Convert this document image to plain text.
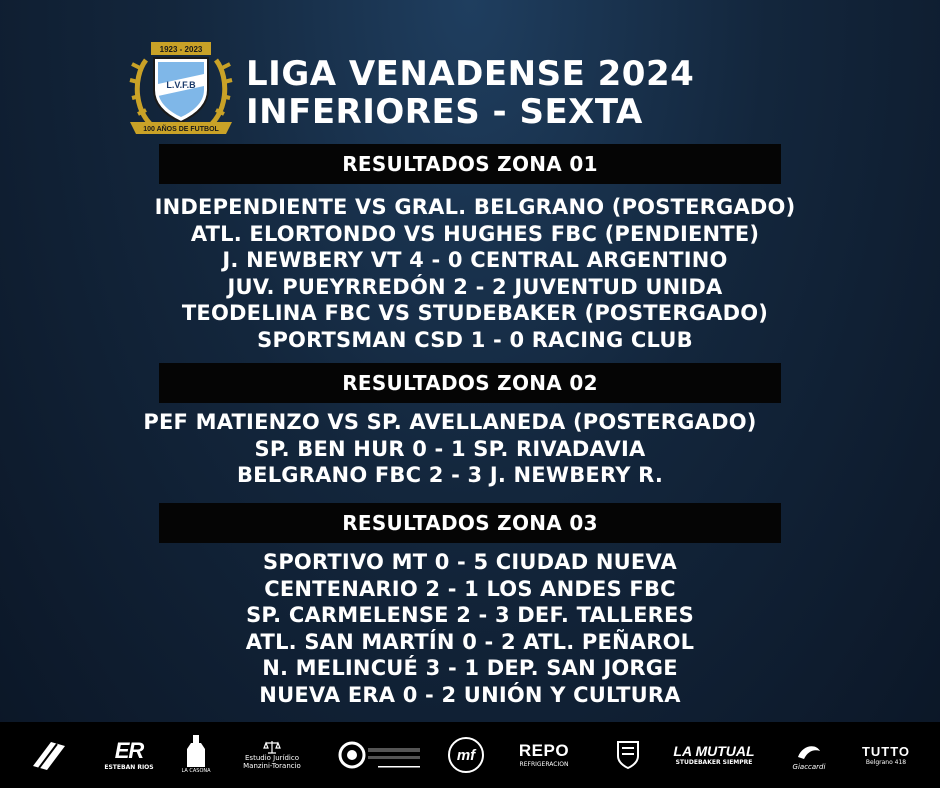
1923 - 2023
L.V.F.B
100 AÑOS DE FUTBOL
LIGA VENADENSE 2024
INFERIORES - SEXTA
RESULTADOS ZONA 01
INDEPENDIENTE VS GRAL. BELGRANO (POSTERGADO)
ATL. ELORTONDO VS HUGHES FBC (PENDIENTE)
J. NEWBERY VT 4 - 0 CENTRAL ARGENTINO
JUV. PUEYRREDÓN 2 - 2 JUVENTUD UNIDA
TEODELINA FBC VS STUDEBAKER (POSTERGADO)
SPORTSMAN CSD 1 - 0 RACING CLUB
RESULTADOS ZONA 02
PEF MATIENZO VS SP. AVELLANEDA (POSTERGADO)
SP. BEN HUR 0 - 1 SP. RIVADAVIA
BELGRANO FBC 2 - 3 J. NEWBERY R.
RESULTADOS ZONA 03
SPORTIVO MT 0 - 5 CIUDAD NUEVA
CENTENARIO 2 - 1 LOS ANDES FBC
SP. CARMELENSE 2 - 3 DEF. TALLERES
ATL. SAN MARTÍN 0 - 2 ATL. PEÑAROL
N. MELINCUÉ 3 - 1 DEP. SAN JORGE
NUEVA ERA 0 - 2 UNIÓN Y CULTURA
ER
ESTEBAN RIOS	LA CASONA
Estudio Jurídico
Manzini-Torancio
mf	REPO
REFRIGERACION
LA MUTUAL
STUDEBAKER SIEMPRE
Giaccardi
TUTTO
Belgrano 418
